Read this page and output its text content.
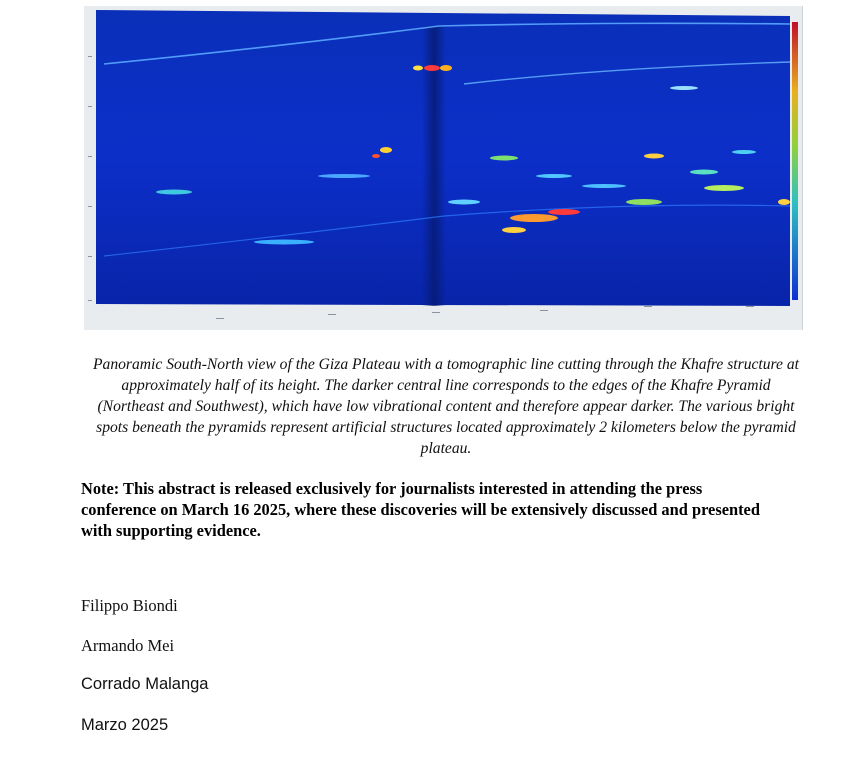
Panoramic South-North view of the Giza Plateau with a tomographic line cutting through the Khafre structure at approximately half of its height. The darker central line corresponds to the edges of the Khafre Pyramid (Northeast and Southwest), which have low vibrational content and therefore appear darker. The various bright spots beneath the pyramids represent artificial structures located approximately 2 kilometers below the pyramid plateau.

Note: This abstract is released exclusively for journalists interested in attending the press conference on March 16 2025, where these discoveries will be extensively discussed and presented with supporting evidence.

Filippo Biondi

Armando Mei

Corrado Malanga

Marzo 2025
